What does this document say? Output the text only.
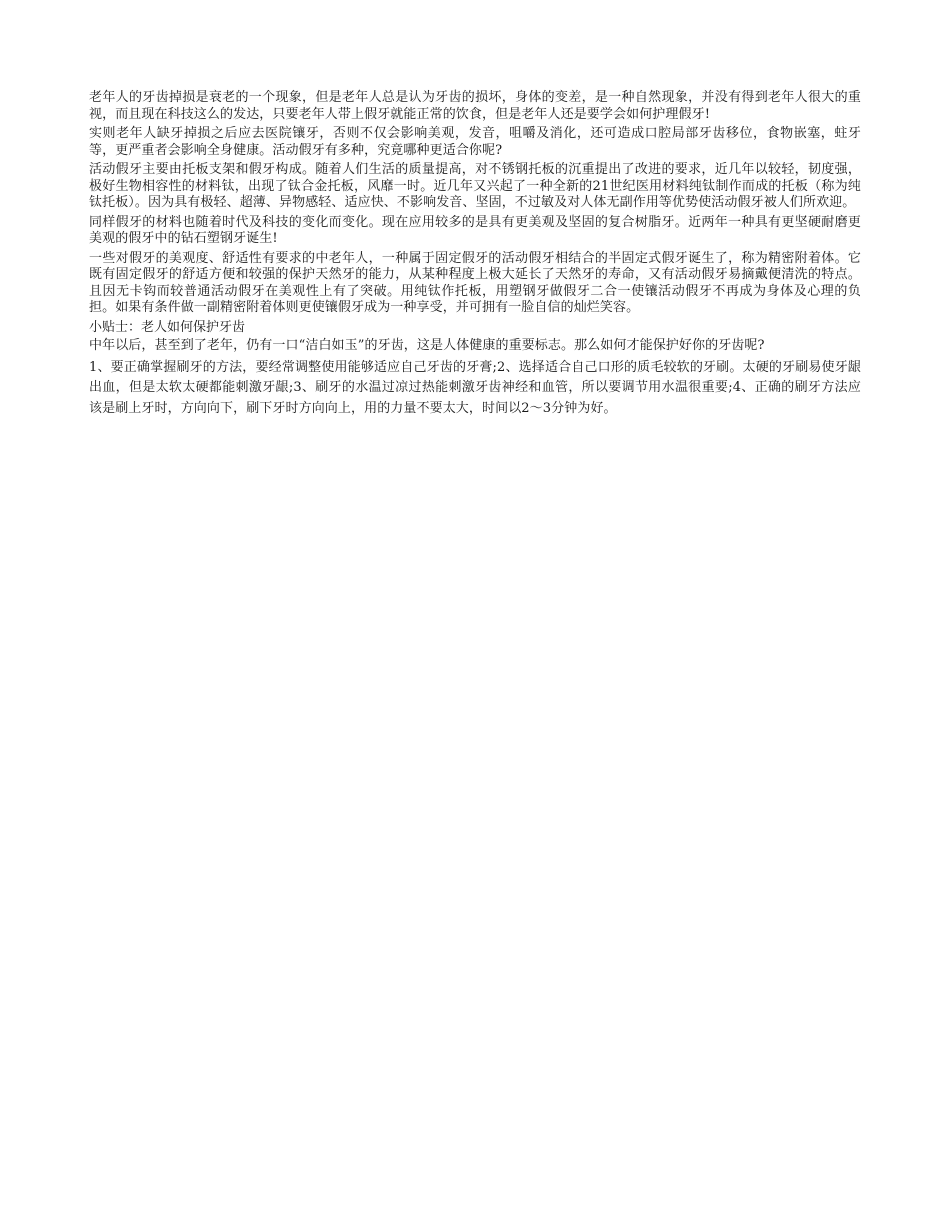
老年人的牙齿掉损是衰老的一个现象，但是老年人总是认为牙齿的损坏，身体的变差，是一种自然现象，并没有得到老年人很大的重视，而且现在科技这么的发达，只要老年人带上假牙就能正常的饮食，但是老年人还是要学会如何护理假牙!

实则老年人缺牙掉损之后应去医院镶牙，否则不仅会影响美观，发音，咀嚼及消化，还可造成口腔局部牙齿移位，食物嵌塞，蛀牙等，更严重者会影响全身健康。活动假牙有多种，究竟哪种更适合你呢?

活动假牙主要由托板支架和假牙构成。随着人们生活的质量提高，对不锈钢托板的沉重提出了改进的要求，近几年以较轻，韧度强，极好生物相容性的材料钛，出现了钛合金托板，风靡一时。近几年又兴起了一种全新的21世纪医用材料纯钛制作而成的托板（称为纯钛托板）。因为具有极轻、超薄、异物感轻、适应快、不影响发音、坚固，不过敏及对人体无副作用等优势使活动假牙被人们所欢迎。

同样假牙的材料也随着时代及科技的变化而变化。现在应用较多的是具有更美观及坚固的复合树脂牙。近两年一种具有更坚硬耐磨更美观的假牙中的钻石塑钢牙诞生!

一些对假牙的美观度、舒适性有要求的中老年人，一种属于固定假牙的活动假牙相结合的半固定式假牙诞生了，称为精密附着体。它既有固定假牙的舒适方便和较强的保护天然牙的能力，从某种程度上极大延长了天然牙的寿命，又有活动假牙易摘戴便清洗的特点。且因无卡钩而较普通活动假牙在美观性上有了突破。用纯钛作托板，用塑钢牙做假牙二合一使镶活动假牙不再成为身体及心理的负担。如果有条件做一副精密附着体则更使镶假牙成为一种享受，并可拥有一脸自信的灿烂笑容。

小贴士：老人如何保护牙齿

中年以后，甚至到了老年，仍有一口“洁白如玉”的牙齿，这是人体健康的重要标志。那么如何才能保护好你的牙齿呢?

1、要正确掌握刷牙的方法，要经常调整使用能够适应自己牙齿的牙膏;2、选择适合自己口形的质毛较软的牙刷。太硬的牙刷易使牙龈出血，但是太软太硬都能刺激牙龈;3、刷牙的水温过凉过热能刺激牙齿神经和血管，所以要调节用水温很重要;4、正确的刷牙方法应该是刷上牙时，方向向下，刷下牙时方向向上，用的力量不要太大，时间以2～3分钟为好。
